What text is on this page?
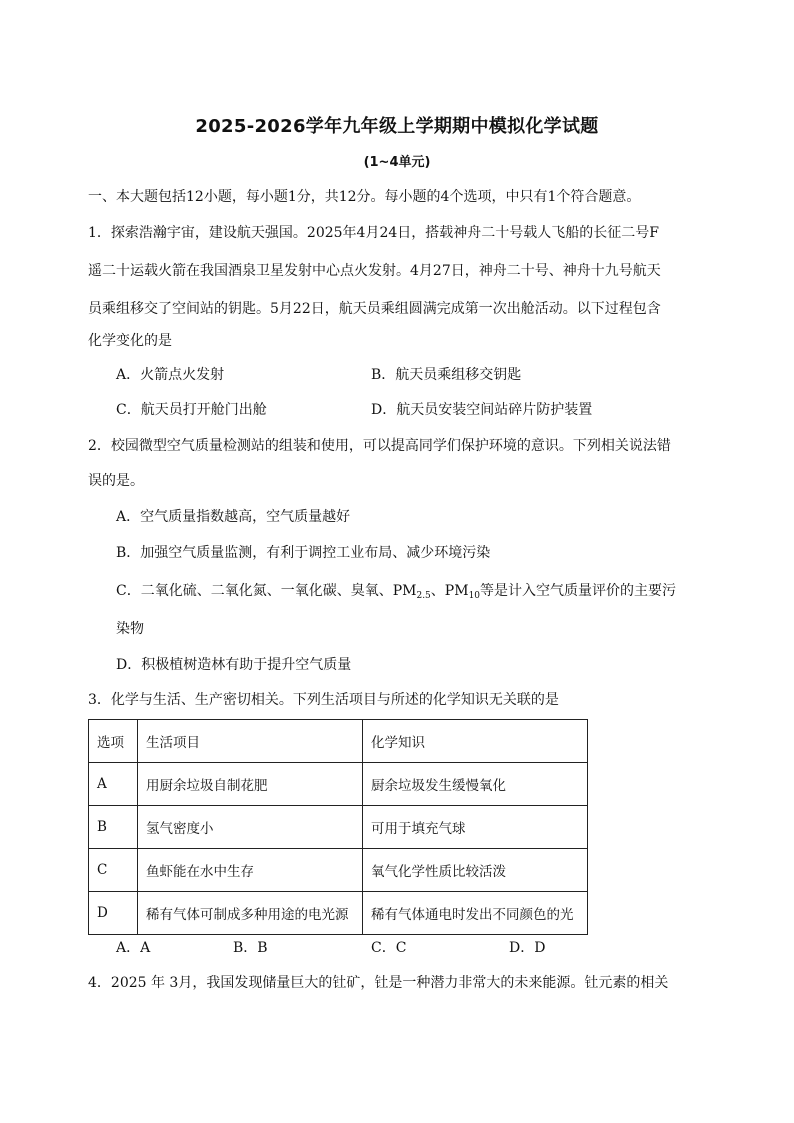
2025-2026学年九年级上学期期中模拟化学试题
(1~4单元)
一、本大题包括12小题，每小题1分，共12分。每小题的4个选项，中只有1个符合题意。
1．探索浩瀚宇宙，建设航天强国。2025年4月24日，搭载神舟二十号载人飞船的长征二号F
遥二十运载火箭在我国酒泉卫星发射中心点火发射。4月27日，神舟二十号、神舟十九号航天
员乘组移交了空间站的钥匙。5月22日，航天员乘组圆满完成第一次出舱活动。以下过程包含
化学变化的是
A．火箭点火发射	B．航天员乘组移交钥匙
C．航天员打开舱门出舱	D．航天员安装空间站碎片防护装置
2．校园微型空气质量检测站的组装和使用，可以提高同学们保护环境的意识。下列相关说法错
误的是。
A．空气质量指数越高，空气质量越好
B．加强空气质量监测，有利于调控工业布局、减少环境污染
C．二氧化硫、二氧化氮、一氧化碳、臭氧、$PM_{2.5}$、$PM_{10}$等是计入空气质量评价的主要污
染物
D．积极植树造林有助于提升空气质量
3．化学与生活、生产密切相关。下列生活项目与所述的化学知识无关联的是
选项	生活项目	化学知识
A	用厨余垃圾自制花肥	厨余垃圾发生缓慢氧化
B	氢气密度小	可用于填充气球
C	鱼虾能在水中生存	氧气化学性质比较活泼
D	稀有气体可制成多种用途的电光源	稀有气体通电时发出不同颜色的光
A．A	B．B	C．C	D．D
4．2025 年 3月，我国发现储量巨大的钍矿，钍是一种潜力非常大的未来能源。钍元素的相关
